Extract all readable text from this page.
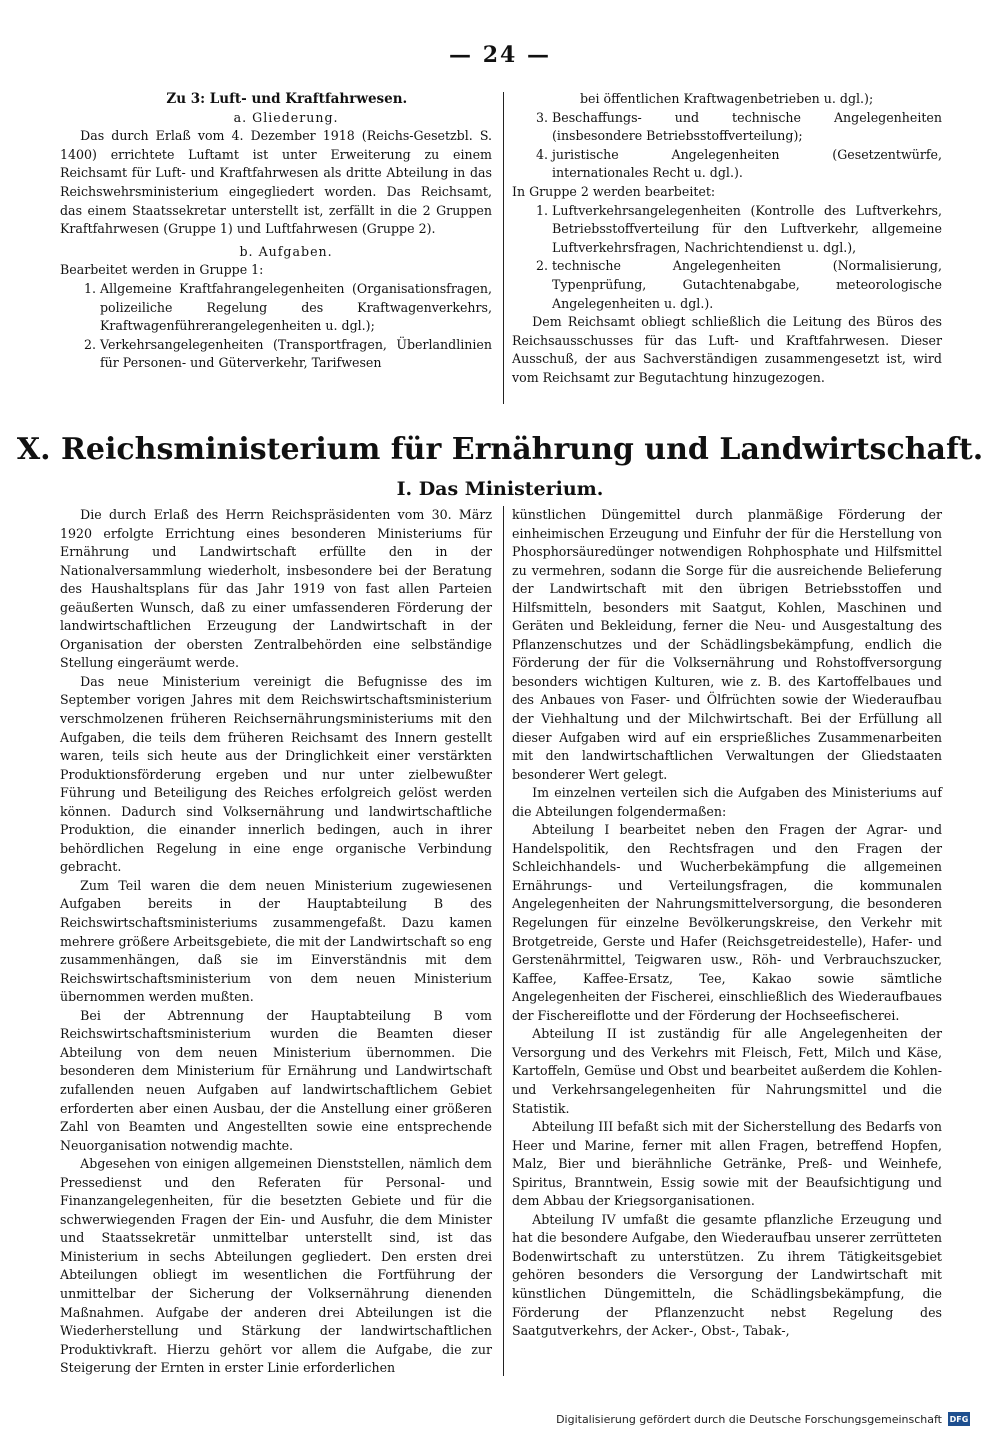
— 24 —

Zu 3: Luft- und Kraftfahrwesen.

a. Gliederung.

Das durch Erlaß vom 4. Dezember 1918 (Reichs-Gesetzbl. S. 1400) errichtete Luftamt ist unter Erweiterung zu einem Reichsamt für Luft- und Kraftfahrwesen als dritte Abteilung in das Reichswehrsministerium eingegliedert worden. Das Reichsamt, das einem Staatssekretar unterstellt ist, zerfällt in die 2 Gruppen Kraftfahrwesen (Gruppe 1) und Luftfahrwesen (Gruppe 2).

b. Aufgaben.

Bearbeitet werden in Gruppe 1:

1. Allgemeine Kraftfahrangelegenheiten (Organisationsfragen, polizeiliche Regelung des Kraftwagenverkehrs, Kraftwagenführerangelegenheiten u. dgl.);
2. Verkehrsangelegenheiten (Transportfragen, Überlandlinien für Personen- und Güterverkehr, Tarifwesen

bei öffentlichen Kraftwagenbetrieben u. dgl.);

3. Beschaffungs- und technische Angelegenheiten (insbesondere Betriebsstoffverteilung);
4. juristische Angelegenheiten (Gesetzentwürfe, internationales Recht u. dgl.).

In Gruppe 2 werden bearbeitet:

1. Luftverkehrsangelegenheiten (Kontrolle des Luftverkehrs, Betriebsstoffverteilung für den Luftverkehr, allgemeine Luftverkehrsfragen, Nachrichtendienst u. dgl.),
2. technische Angelegenheiten (Normalisierung, Typenprüfung, Gutachtenabgabe, meteorologische Angelegenheiten u. dgl.).

Dem Reichsamt obliegt schließlich die Leitung des Büros des Reichsausschusses für das Luft- und Kraftfahrwesen. Dieser Ausschuß, der aus Sachverständigen zusammengesetzt ist, wird vom Reichsamt zur Begutachtung hinzugezogen.

X. Reichsministerium für Ernährung und Landwirtschaft.
I. Das Ministerium.

Die durch Erlaß des Herrn Reichspräsidenten vom 30. März 1920 erfolgte Errichtung eines besonderen Ministeriums für Ernährung und Landwirtschaft erfüllte den in der Nationalversammlung wiederholt, insbesondere bei der Beratung des Haushaltsplans für das Jahr 1919 von fast allen Parteien geäußerten Wunsch, daß zu einer umfassenderen Förderung der landwirtschaftlichen Erzeugung der Landwirtschaft in der Organisation der obersten Zentralbehörden eine selbständige Stellung eingeräumt werde.

Das neue Ministerium vereinigt die Befugnisse des im September vorigen Jahres mit dem Reichswirtschaftsministerium verschmolzenen früheren Reichsernährungsministeriums mit den Aufgaben, die teils dem früheren Reichsamt des Innern gestellt waren, teils sich heute aus der Dringlichkeit einer verstärkten Produktionsförderung ergeben und nur unter zielbewußter Führung und Beteiligung des Reiches erfolgreich gelöst werden können. Dadurch sind Volksernährung und landwirtschaftliche Produktion, die einander innerlich bedingen, auch in ihrer behördlichen Regelung in eine enge organische Verbindung gebracht.

Zum Teil waren die dem neuen Ministerium zugewiesenen Aufgaben bereits in der Hauptabteilung B des Reichswirtschaftsministeriums zusammengefaßt. Dazu kamen mehrere größere Arbeitsgebiete, die mit der Landwirtschaft so eng zusammenhängen, daß sie im Einverständnis mit dem Reichswirtschaftsministerium von dem neuen Ministerium übernommen werden mußten.

Bei der Abtrennung der Hauptabteilung B vom Reichswirtschaftsministerium wurden die Beamten dieser Abteilung von dem neuen Ministerium übernommen. Die besonderen dem Ministerium für Ernährung und Landwirtschaft zufallenden neuen Aufgaben auf landwirtschaftlichem Gebiet erforderten aber einen Ausbau, der die Anstellung einer größeren Zahl von Beamten und Angestellten sowie eine entsprechende Neuorganisation notwendig machte.

Abgesehen von einigen allgemeinen Dienststellen, nämlich dem Pressedienst und den Referaten für Personal- und Finanzangelegenheiten, für die besetzten Gebiete und für die schwerwiegenden Fragen der Ein- und Ausfuhr, die dem Minister und Staatssekretär unmittelbar unterstellt sind, ist das Ministerium in sechs Abteilungen gegliedert. Den ersten drei Abteilungen obliegt im wesentlichen die Fortführung der unmittelbar der Sicherung der Volksernährung dienenden Maßnahmen. Aufgabe der anderen drei Abteilungen ist die Wiederherstellung und Stärkung der landwirtschaftlichen Produktivkraft. Hierzu gehört vor allem die Aufgabe, die zur Steigerung der Ernten in erster Linie erforderlichen

künstlichen Düngemittel durch planmäßige Förderung der einheimischen Erzeugung und Einfuhr der für die Herstellung von Phosphorsäuredünger notwendigen Rohphosphate und Hilfsmittel zu vermehren, sodann die Sorge für die ausreichende Belieferung der Landwirtschaft mit den übrigen Betriebsstoffen und Hilfsmitteln, besonders mit Saatgut, Kohlen, Maschinen und Geräten und Bekleidung, ferner die Neu- und Ausgestaltung des Pflanzenschutzes und der Schädlingsbekämpfung, endlich die Förderung der für die Volksernährung und Rohstoffversorgung besonders wichtigen Kulturen, wie z. B. des Kartoffelbaues und des Anbaues von Faser- und Ölfrüchten sowie der Wiederaufbau der Viehhaltung und der Milchwirtschaft. Bei der Erfüllung all dieser Aufgaben wird auf ein ersprießliches Zusammenarbeiten mit den landwirtschaftlichen Verwaltungen der Gliedstaaten besonderer Wert gelegt.

Im einzelnen verteilen sich die Aufgaben des Ministeriums auf die Abteilungen folgendermaßen:

Abteilung I bearbeitet neben den Fragen der Agrar- und Handelspolitik, den Rechtsfragen und den Fragen der Schleichhandels- und Wucherbekämpfung die allgemeinen Ernährungs- und Verteilungsfragen, die kommunalen Angelegenheiten der Nahrungsmittelversorgung, die besonderen Regelungen für einzelne Bevölkerungskreise, den Verkehr mit Brotgetreide, Gerste und Hafer (Reichsgetreidestelle), Hafer- und Gerstenährmittel, Teigwaren usw., Röh- und Verbrauchszucker, Kaffee, Kaffee-Ersatz, Tee, Kakao sowie sämtliche Angelegenheiten der Fischerei, einschließlich des Wiederaufbaues der Fischereiflotte und der Förderung der Hochseefischerei.

Abteilung II ist zuständig für alle Angelegenheiten der Versorgung und des Verkehrs mit Fleisch, Fett, Milch und Käse, Kartoffeln, Gemüse und Obst und bearbeitet außerdem die Kohlen- und Verkehrsangelegenheiten für Nahrungsmittel und die Statistik.

Abteilung III befaßt sich mit der Sicherstellung des Bedarfs von Heer und Marine, ferner mit allen Fragen, betreffend Hopfen, Malz, Bier und bierähnliche Getränke, Preß- und Weinhefe, Spiritus, Branntwein, Essig sowie mit der Beaufsichtigung und dem Abbau der Kriegsorganisationen.

Abteilung IV umfaßt die gesamte pflanzliche Erzeugung und hat die besondere Aufgabe, den Wiederaufbau unserer zerrütteten Bodenwirtschaft zu unterstützen. Zu ihrem Tätigkeitsgebiet gehören besonders die Versorgung der Landwirtschaft mit künstlichen Düngemitteln, die Schädlingsbekämpfung, die Förderung der Pflanzenzucht nebst Regelung des Saatgutverkehrs, der Acker-, Obst-, Tabak-,

Digitalisierung gefördert durch die Deutsche Forschungsgemeinschaft DFG
